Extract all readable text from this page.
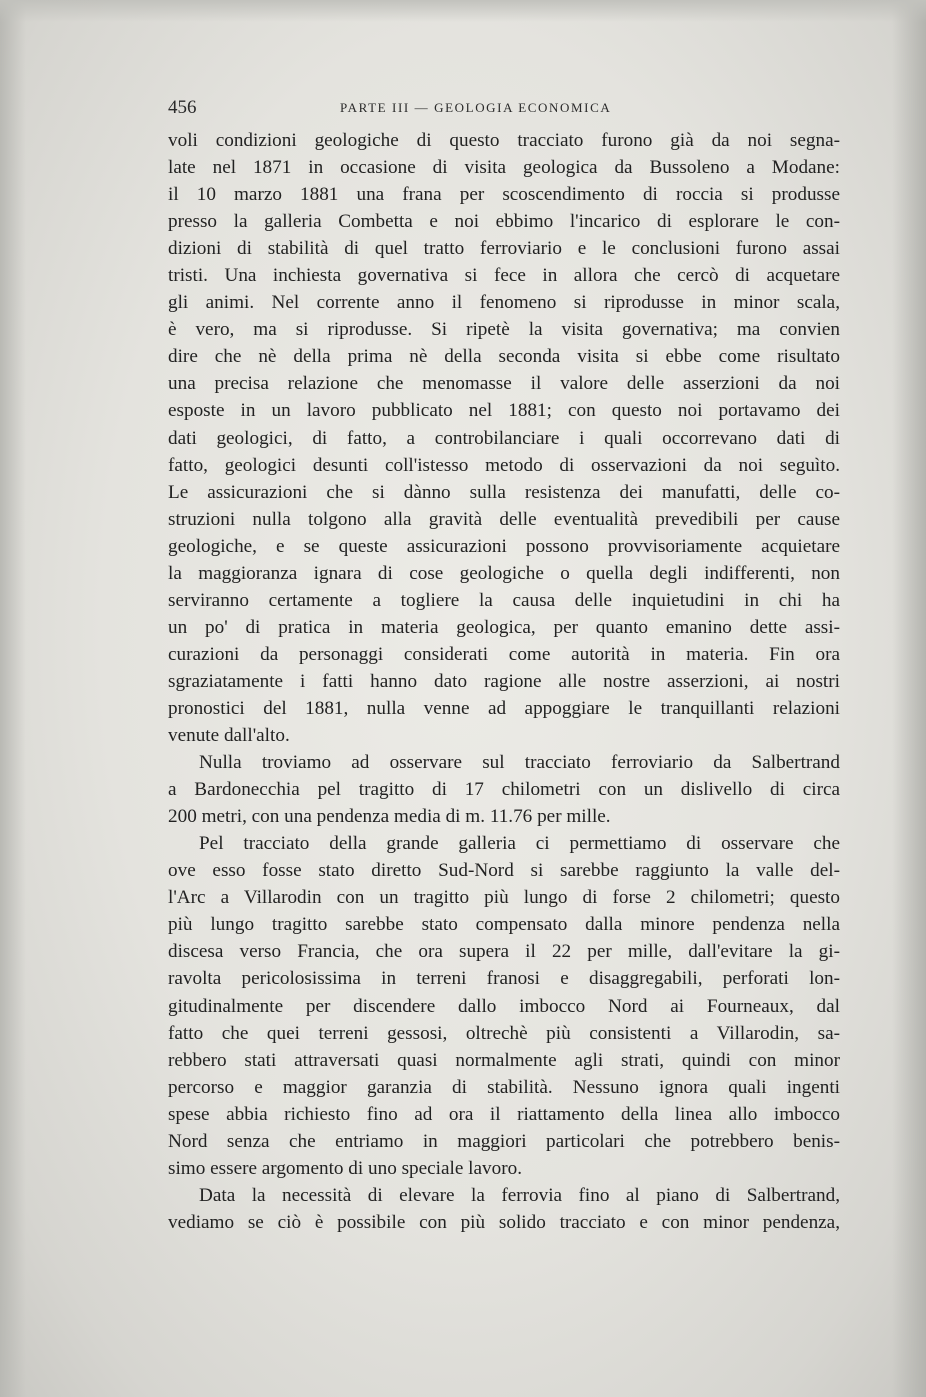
456	PARTE III — GEOLOGIA ECONOMICA
voli condizioni geologiche di questo tracciato furono già da noi segna-
late nel 1871 in occasione di visita geologica da Bussoleno a Modane:
il 10 marzo 1881 una frana per scoscendimento di roccia si produsse
presso la galleria Combetta e noi ebbimo l'incarico di esplorare le con-
dizioni di stabilità di quel tratto ferroviario e le conclusioni furono assai
tristi. Una inchiesta governativa si fece in allora che cercò di acquetare
gli animi. Nel corrente anno il fenomeno si riprodusse in minor scala,
è vero, ma si riprodusse. Si ripetè la visita governativa; ma convien
dire che nè della prima nè della seconda visita si ebbe come risultato
una precisa relazione che menomasse il valore delle asserzioni da noi
esposte in un lavoro pubblicato nel 1881; con questo noi portavamo dei
dati geologici, di fatto, a controbilanciare i quali occorrevano dati di
fatto, geologici desunti coll'istesso metodo di osservazioni da noi seguìto.
Le assicurazioni che si dànno sulla resistenza dei manufatti, delle co-
struzioni nulla tolgono alla gravità delle eventualità prevedibili per cause
geologiche, e se queste assicurazioni possono provvisoriamente acquietare
la maggioranza ignara di cose geologiche o quella degli indifferenti, non
serviranno certamente a togliere la causa delle inquietudini in chi ha
un po' di pratica in materia geologica, per quanto emanino dette assi-
curazioni da personaggi considerati come autorità in materia. Fin ora
sgraziatamente i fatti hanno dato ragione alle nostre asserzioni, ai nostri
pronostici del 1881, nulla venne ad appoggiare le tranquillanti relazioni
venute dall'alto.
Nulla troviamo ad osservare sul tracciato ferroviario da Salbertrand
a Bardonecchia pel tragitto di 17 chilometri con un dislivello di circa
200 metri, con una pendenza media di m. 11.76 per mille.
Pel tracciato della grande galleria ci permettiamo di osservare che
ove esso fosse stato diretto Sud-Nord si sarebbe raggiunto la valle del-
l'Arc a Villarodin con un tragitto più lungo di forse 2 chilometri; questo
più lungo tragitto sarebbe stato compensato dalla minore pendenza nella
discesa verso Francia, che ora supera il 22 per mille, dall'evitare la gi-
ravolta pericolosissima in terreni franosi e disaggregabili, perforati lon-
gitudinalmente per discendere dallo imbocco Nord ai Fourneaux, dal
fatto che quei terreni gessosi, oltrechè più consistenti a Villarodin, sa-
rebbero stati attraversati quasi normalmente agli strati, quindi con minor
percorso e maggior garanzia di stabilità. Nessuno ignora quali ingenti
spese abbia richiesto fino ad ora il riattamento della linea allo imbocco
Nord senza che entriamo in maggiori particolari che potrebbero benis-
simo essere argomento di uno speciale lavoro.
Data la necessità di elevare la ferrovia fino al piano di Salbertrand,
vediamo se ciò è possibile con più solido tracciato e con minor pendenza,
